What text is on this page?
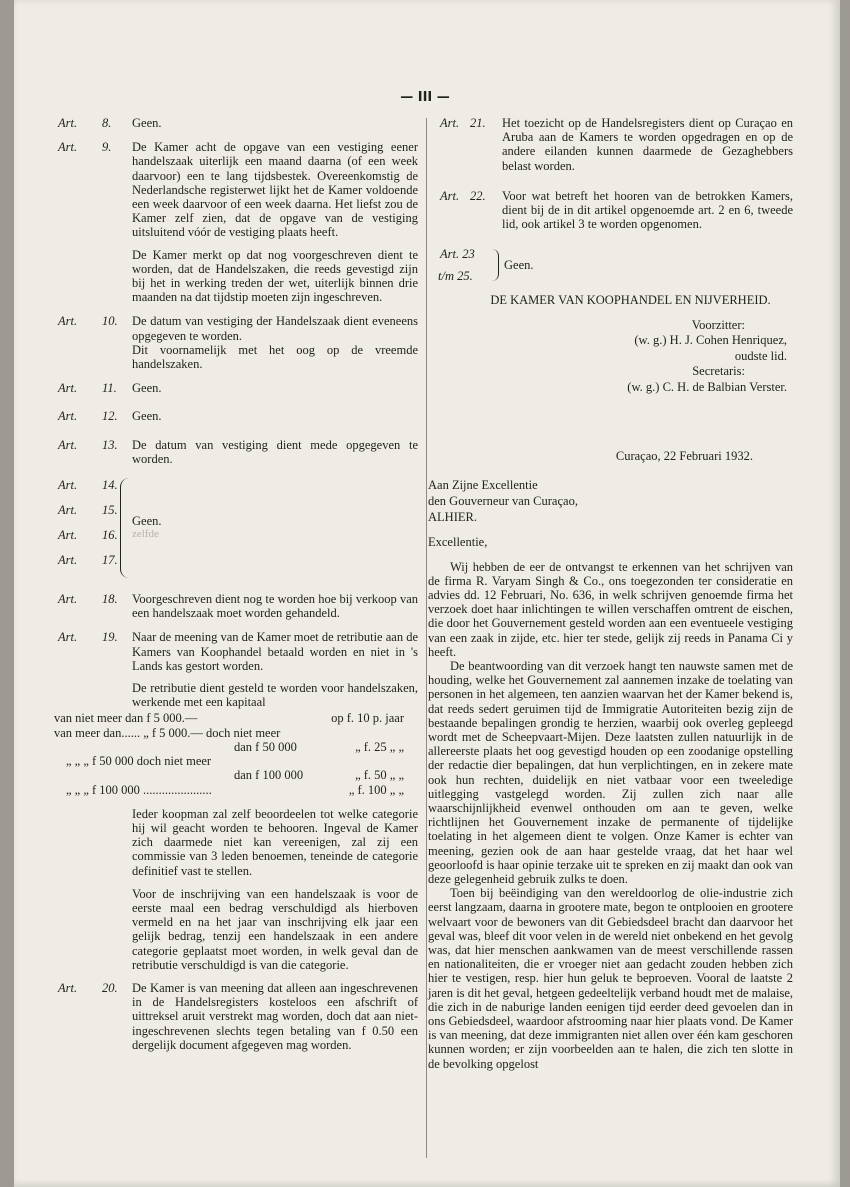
— III —
Art. 8. Geen.
Art. 9. De Kamer acht de opgave van een vestiging eener handelszaak uiterlijk een maand daarna (of een week daarvoor) een te lang tijdsbestek. Overeenkomstig de Nederlandsche registerwet lijkt het de Kamer voldoende een week daarvoor of een week daarna. Het liefst zou de Kamer zelf zien, dat de opgave van de vestiging uitsluitend vóór de vestiging plaats heeft.

De Kamer merkt op dat nog voorgeschreven dient te worden, dat de Handelszaken, die reeds gevestigd zijn bij het in werking treden der wet, uiterlijk binnen drie maanden na dat tijdstip moeten zijn ingeschreven.

Art. 10. De datum van vestiging der Handelszaak dient eveneens opgegeven te worden.

Dit voornamelijk met het oog op de vreemde handelszaken.

Art. 11. Geen.
Art. 12. Geen.
Art. 13. De datum van vestiging dient mede opgegeven te worden.
Art. 14.
Art. 15.
Art. 16.
Art. 17.
Geen.
zelfde
Art. 18. Voorgeschreven dient nog te worden hoe bij verkoop van een handelszaak moet worden gehandeld.
Art. 19. Naar de meening van de Kamer moet de retributie aan de Kamers van Koophandel betaald worden en niet in 's Lands kas gestort worden.

De retributie dient gesteld te worden voor handelszaken, werkende met een kapitaal

van niet meer dan f 5 000.—	op f. 10 p. jaar
van meer dan...... „ f 5 000.— doch niet meer	
dan f 50 000	„ f. 25 „ „
„ „ „ f 50 000 doch niet meer	
dan f 100 000	„ f. 50 „ „
„ „ „ f 100 000 ......................	„ f. 100 „ „
Ieder koopman zal zelf beoordeelen tot welke categorie hij wil geacht worden te behooren. Ingeval de Kamer zich daarmede niet kan vereenigen, zal zij een commissie van 3 leden benoemen, teneinde de categorie definitief vast te stellen.
Voor de inschrijving van een handelszaak is voor de eerste maal een bedrag verschuldigd als hierboven vermeld en na het jaar van inschrijving elk jaar een gelijk bedrag, tenzij een handelszaak in een andere categorie geplaatst moet worden, in welk geval dan de retributie verschuldigd is van die categorie.
Art. 20. De Kamer is van meening dat alleen aan ingeschrevenen in de Handelsregisters kosteloos een afschrift of uittreksel aruit verstrekt mag worden, doch dat aan niet-ingeschrevenen slechts tegen betaling van f 0.50 een dergelijk document afgegeven mag worden.
Art. 21. Het toezicht op de Handelsregisters dient op Curaçao en Aruba aan de Kamers te worden opgedragen en op de andere eilanden kunnen daarmede de Gezaghebbers belast worden.
Art. 22. Voor wat betreft het hooren van de betrokken Kamers, dient bij de in dit artikel opgenoemde art. 2 en 6, tweede lid, ook artikel 3 te worden opgenomen.
Art. 23
t/m 25.
Geen.
DE KAMER VAN KOOPHANDEL EN NIJVERHEID.
Voorzitter:
(w. g.) H. J. Cohen Henriquez,
oudste lid.
Secretaris:
(w. g.) C. H. de Balbian Verster.
Curaçao, 22 Februari 1932.
Aan Zijne Excellentie
den Gouverneur van Curaçao,
ALHIER.
Excellentie,

Wij hebben de eer de ontvangst te erkennen van het schrijven van de firma R. Varyam Singh & Co., ons toegezonden ter consideratie en advies dd. 12 Februari, No. 636, in welk schrijven genoemde firma het verzoek doet haar inlichtingen te willen verschaffen omtrent de eischen, die door het Gouvernement gesteld worden aan een eventueele vestiging van een zaak in zijde, etc. hier ter stede, gelijk zij reeds in Panama Ci y heeft.

De beantwoording van dit verzoek hangt ten nauwste samen met de houding, welke het Gouvernement zal aannemen inzake de toelating van personen in het algemeen, ten aanzien waarvan het der Kamer bekend is, dat reeds sedert geruimen tijd de Immigratie Autoriteiten bezig zijn de bestaande bepalingen grondig te herzien, waarbij ook overleg gepleegd wordt met de Scheepvaart-Mijen. Deze laatsten zullen natuurlijk in de allereerste plaats het oog gevestigd houden op een zoodanige opstelling der redactie dier bepalingen, dat hun verplichtingen, en in zekere mate ook hun rechten, duidelijk en niet vatbaar voor een tweeledige uitlegging vastgelegd worden. Zij zullen zich naar alle waarschijnlijkheid evenwel onthouden om aan te geven, welke richtlijnen het Gouvernement inzake de permanente of tijdelijke toelating in het algemeen dient te volgen. Onze Kamer is echter van meening, gezien ook de aan haar gestelde vraag, dat het haar wel geoorloofd is haar opinie terzake uit te spreken en zij maakt dan ook van deze gelegenheid gebruik zulks te doen.

Toen bij beëindiging van den wereldoorlog de olie-industrie zich eerst langzaam, daarna in grootere mate, begon te ontplooien en grootere welvaart voor de bewoners van dit Gebiedsdeel bracht dan daarvoor het geval was, bleef dit voor velen in de wereld niet onbekend en het gevolg was, dat hier menschen aankwamen van de meest verschillende rassen en nationaliteiten, die er vroeger niet aan gedacht zouden hebben zich hier te vestigen, resp. hier hun geluk te beproeven. Vooral de laatste 2 jaren is dit het geval, hetgeen gedeeltelijk verband houdt met de malaise, die zich in de naburige landen eenigen tijd eerder deed gevoelen dan in ons Gebiedsdeel, waardoor afstrooming naar hier plaats vond. De Kamer is van meening, dat deze immigranten niet allen over één kam geschoren kunnen worden; er zijn voorbeelden aan te halen, die zich ten slotte in de bevolking opgelost
